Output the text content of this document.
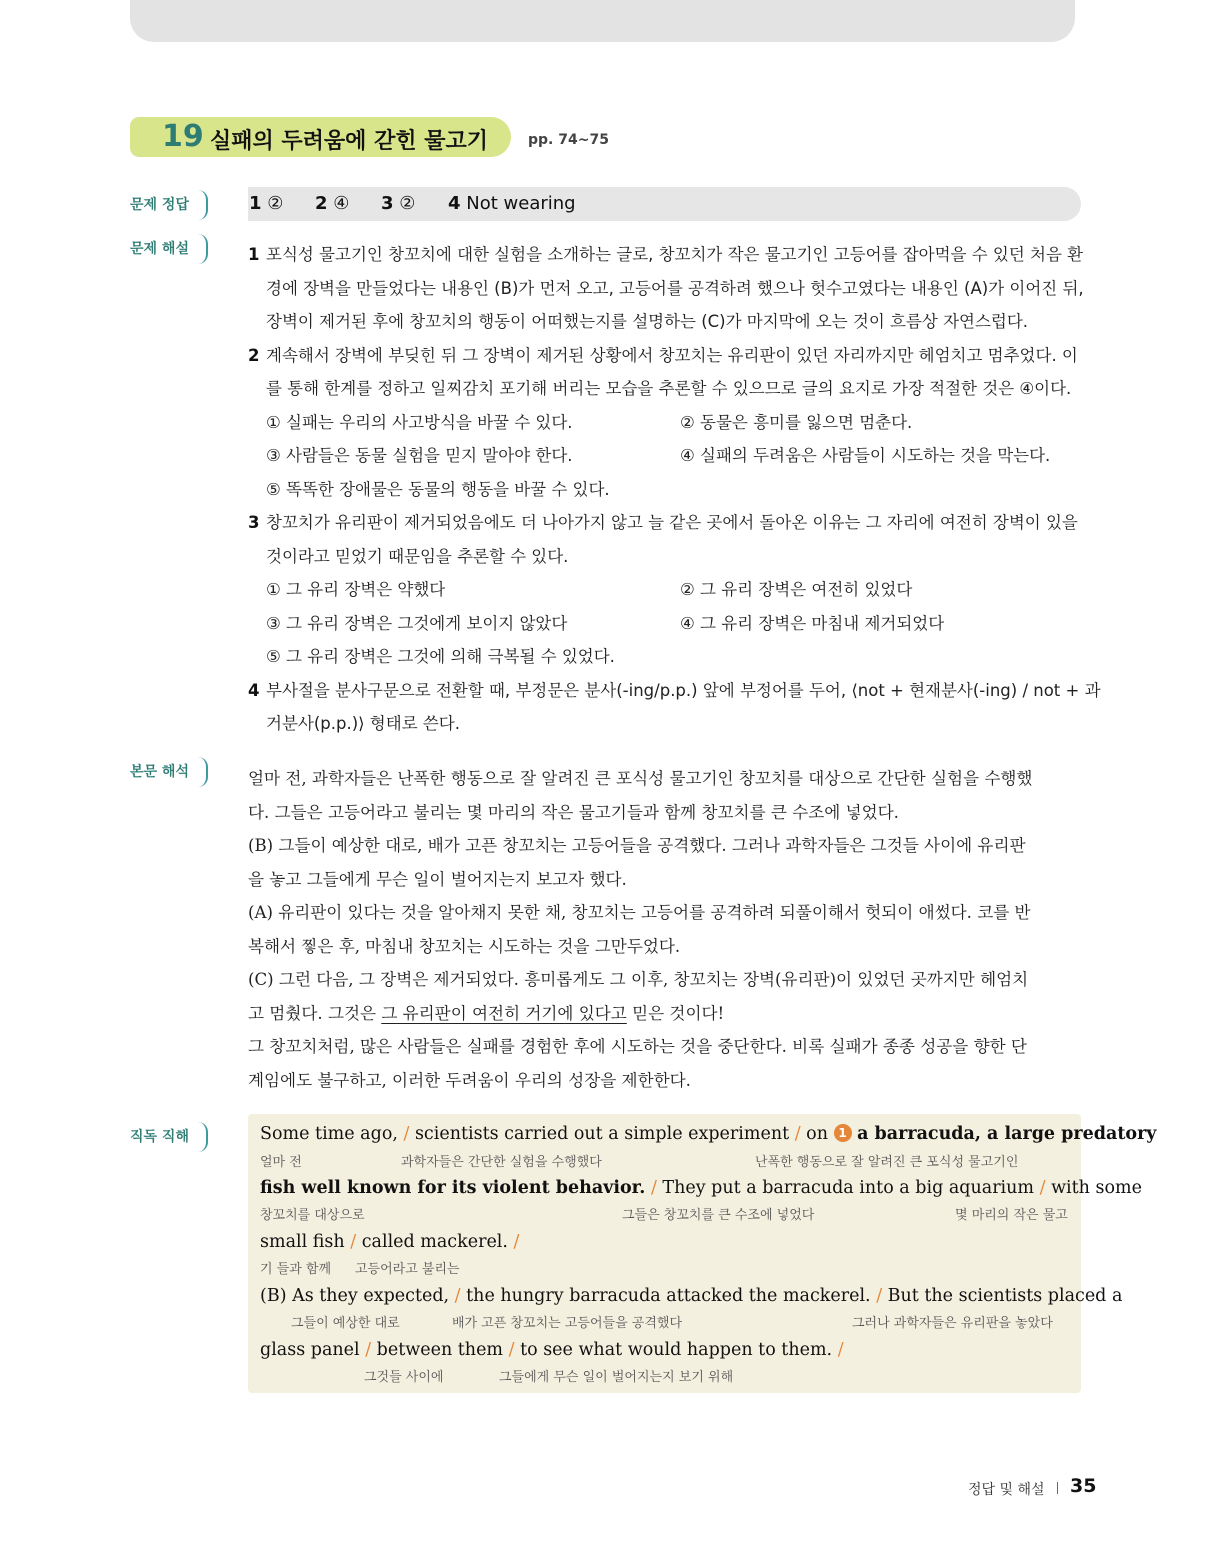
19 실패의 두려움에 갇힌 물고기	pp. 74~75
문제 정답
문제 해설
본문 해석
직독 직해
1 ② 2 ④ 3 ② 4 Not wearing
1 포식성 물고기인 창꼬치에 대한 실험을 소개하는 글로, 창꼬치가 작은 물고기인 고등어를 잡아먹을 수 있던 처음 환
경에 장벽을 만들었다는 내용인 (B)가 먼저 오고, 고등어를 공격하려 했으나 헛수고였다는 내용인 (A)가 이어진 뒤,
장벽이 제거된 후에 창꼬치의 행동이 어떠했는지를 설명하는 (C)가 마지막에 오는 것이 흐름상 자연스럽다.
2 계속해서 장벽에 부딪힌 뒤 그 장벽이 제거된 상황에서 창꼬치는 유리판이 있던 자리까지만 헤엄치고 멈추었다. 이
를 통해 한계를 정하고 일찌감치 포기해 버리는 모습을 추론할 수 있으므로 글의 요지로 가장 적절한 것은 ④이다.
① 실패는 우리의 사고방식을 바꿀 수 있다.	② 동물은 흥미를 잃으면 멈춘다.
③ 사람들은 동물 실험을 믿지 말아야 한다.	④ 실패의 두려움은 사람들이 시도하는 것을 막는다.
⑤ 똑똑한 장애물은 동물의 행동을 바꿀 수 있다.
3 창꼬치가 유리판이 제거되었음에도 더 나아가지 않고 늘 같은 곳에서 돌아온 이유는 그 자리에 여전히 장벽이 있을
것이라고 믿었기 때문임을 추론할 수 있다.
① 그 유리 장벽은 약했다	② 그 유리 장벽은 여전히 있었다
③ 그 유리 장벽은 그것에게 보이지 않았다	④ 그 유리 장벽은 마침내 제거되었다
⑤ 그 유리 장벽은 그것에 의해 극복될 수 있었다.
4 부사절을 분사구문으로 전환할 때, 부정문은 분사(-ing/p.p.) 앞에 부정어를 두어, ⟨not + 현재분사(-ing) / not + 과
거분사(p.p.)⟩ 형태로 쓴다.
얼마 전, 과학자들은 난폭한 행동으로 잘 알려진 큰 포식성 물고기인 창꼬치를 대상으로 간단한 실험을 수행했
다. 그들은 고등어라고 불리는 몇 마리의 작은 물고기들과 함께 창꼬치를 큰 수조에 넣었다.
(B) 그들이 예상한 대로, 배가 고픈 창꼬치는 고등어들을 공격했다. 그러나 과학자들은 그것들 사이에 유리판
을 놓고 그들에게 무슨 일이 벌어지는지 보고자 했다.
(A) 유리판이 있다는 것을 알아채지 못한 채, 창꼬치는 고등어를 공격하려 되풀이해서 헛되이 애썼다. 코를 반
복해서 찧은 후, 마침내 창꼬치는 시도하는 것을 그만두었다.
(C) 그런 다음, 그 장벽은 제거되었다. 흥미롭게도 그 이후, 창꼬치는 장벽(유리판)이 있었던 곳까지만 헤엄치
고 멈췄다. 그것은 그 유리판이 여전히 거기에 있다고 믿은 것이다!
그 창꼬치처럼, 많은 사람들은 실패를 경험한 후에 시도하는 것을 중단한다. 비록 실패가 종종 성공을 향한 단
계임에도 불구하고, 이러한 두려움이 우리의 성장을 제한한다.
Some time ago, / scientists carried out a simple experiment / on 1 a barracuda, a large predatory
얼마 전	과학자들은 간단한 실험을 수행했다	난폭한 행동으로 잘 알려진 큰 포식성 물고기인
fish well known for its violent behavior. / They put a barracuda into a big aquarium / with some
창꼬치를 대상으로	그들은 창꼬치를 큰 수조에 넣었다	몇 마리의 작은 물고
small fish / called mackerel. /
기 들과 함께 고등어라고 불리는
(B) As they expected, / the hungry barracuda attacked the mackerel. / But the scientists placed a
그들이 예상한 대로	배가 고픈 창꼬치는 고등어들을 공격했다	그러나 과학자들은 유리판을 놓았다
glass panel / between them / to see what would happen to them. /
그것들 사이에	그들에게 무슨 일이 벌어지는지 보기 위해
정답 및 해설 35
